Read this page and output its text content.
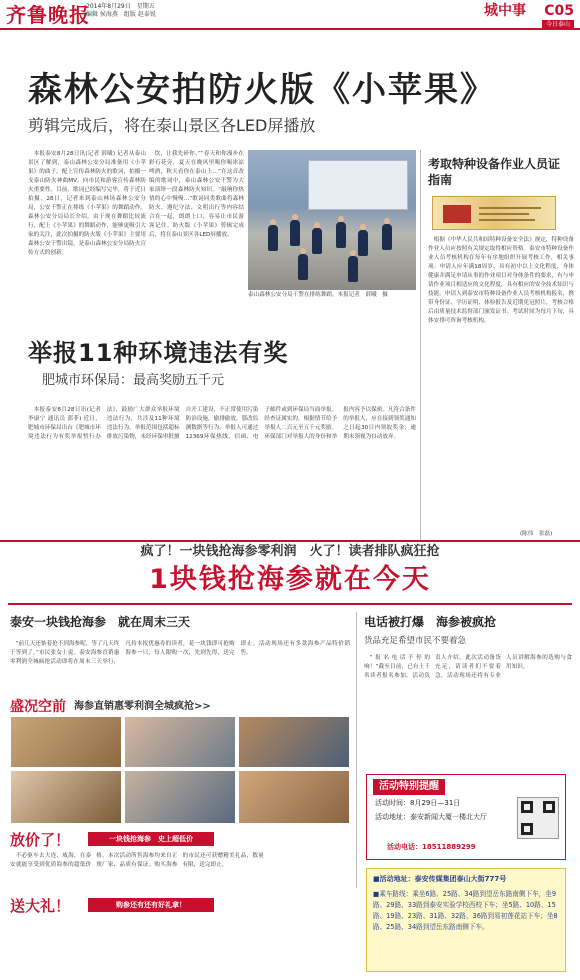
齐鲁晚报
2014年8月29日　星期五
编辑 侯海燕　组版 赵泰锐	城中事 C05
今日泰山
森林公安拍防火版《小苹果》
剪辑完成后，将在泰山景区各LED屏播放

本报泰安8月28日讯(记者 薛曦) 记者从泰山景区了解到，泰山森林公安分局准备用《小苹果》的曲子，配上宣传森林防火的歌词，拍摄一支泰山防火神曲MV，向市民和游客宣传森林防火重要性。目前，歌词已经编写完毕，将于近日拍摄。28日，记者来到泰山林场森林公安分局，公安干警正在排练《小苹果》的舞蹈动作。森林公安分局局长介绍，由于现在舞蹈比较流行，配上《小苹果》的舞蹈动作，能够更吸引大家的关注，此次拍摄的防火版《小苹果》主要用森林公安干警出镜，是泰山森林公安分局防火宣传方式的创新。

饮，让我先碎你。”“春天和你漫步在彩石花旁，夏天在晚风里喝你喝冰凉啤酒，秋天看你在泰山上…”在这首改编的歌词中，泰山森林公安干警为大家演绎一段森林防火知识。“敲响你热情的心中慢慢…”歌词同类歌曲将森林防火、遵纪守法、文明出行等内容结合在一起，朗朗上口，容易让市民游客记住。防火版《小苹果》剪辑完成后，将在泰山景区各LED屏播放。

泰山森林公安分局干警在排练舞蹈。本报记者　薛曦　摄
考取特种设备作业人员证指南

根据《中华人民共和国特种设备安全法》规定，特种设备作业人员应按照有关规定取得相应资格。泰安市特种设备作业人员考核机构在每年有序地组织开展考核工作，相关事项：申请人应年满18周岁，具有初中以上文化程度，身体健康并满足申请从事的作业项目对身体条件的要求，有与申请作业项目相适应的文化程度，具有相应的安全技术知识与技能。申请人到泰安市特种设备作业人员考核机构报名，携带身份证、学历证明、体检报告及近期免冠照片，考核合格后由质量技术监督部门颁发证书。考试时间为每月下旬，具体安排可咨询考核机构。

(陈伟　张磊)
举报11种环境违法有奖
肥城市环保局：最高奖励五千元

本报泰安8月28日讯(记者 李康宁 通讯员 郭菲) 近日，肥城市环保局出台《肥城市环境违法行为有奖举报暂行办法》，鼓励广大群众举报环境违法行为，共涉及11种环境违法行为。举报范围包括超标排放污染物，未经环保审批擅自开工建设，不正常使用污染防治设施，偷排偷放，篡改监测数据等行为。举报人可通过12369环保热线、信函、电子邮件或到环保局当面举报。经查证属实的，根据情节给予举报人二百元至五千元奖励。环保部门对举报人的身份和举报内容予以保密。凡符合条件的举报人，应在接到领奖通知之日起30日内领取奖金，逾期未领视为自动放弃。

疯了！一块钱抢海参零利润　火了！读者排队疯狂抢
1块钱抢海参就在今天
泰安一块钱抢海参　就在周末三天

“前几天还惦着抢不到海参呢，等了几天终于等到了。”市民张女士说。泰安海参直销惠零利润全城疯抢活动即将在周末三天举行，凡持本报优惠券的读者，花一块钱即可抢购海参一只，每人限购一次，先到先得，送完即止。活动现场还有多款海参产品特价销售。

盛况空前 海参直销惠零利润全城疯抢>>
电话被打爆　海参被疯抢
货品充足希望市民不要着急

“报名电话不停的响！”截至目前，已有上千名读者报名参加。活动负责人介绍，此次活动备货充足，请读者们不要着急。活动现场还将有专业人员讲解海参的选购与食用知识。

活动特别提醒
活动时间：8月29日—31日
活动地址：泰安新闻大厦一楼北大厅
活动电话：18511889299
放价了！	一块钱抢海参　史上超低价

不必驱车去大连、威海，在泰安就能享受到优质海参的超低价格，本次活动所售海参均来自正规厂家，品质有保证。购买海参的市民还可获赠精美礼品，数量有限，送完即止。

送大礼！	购参还有还有好礼拿！
■活动地址：泰安传媒集团泰山大街777号
■乘车路线：乘坐6路、25路、34路到望岳东路南侧下车，坐9路、29路、33路到泰安实验学校西校下车；坐5路、10路、15路、19路、23路、31路、32路、36路到易初莲花站下车；坐8路、25路、34路到望岳东路南侧下车。
